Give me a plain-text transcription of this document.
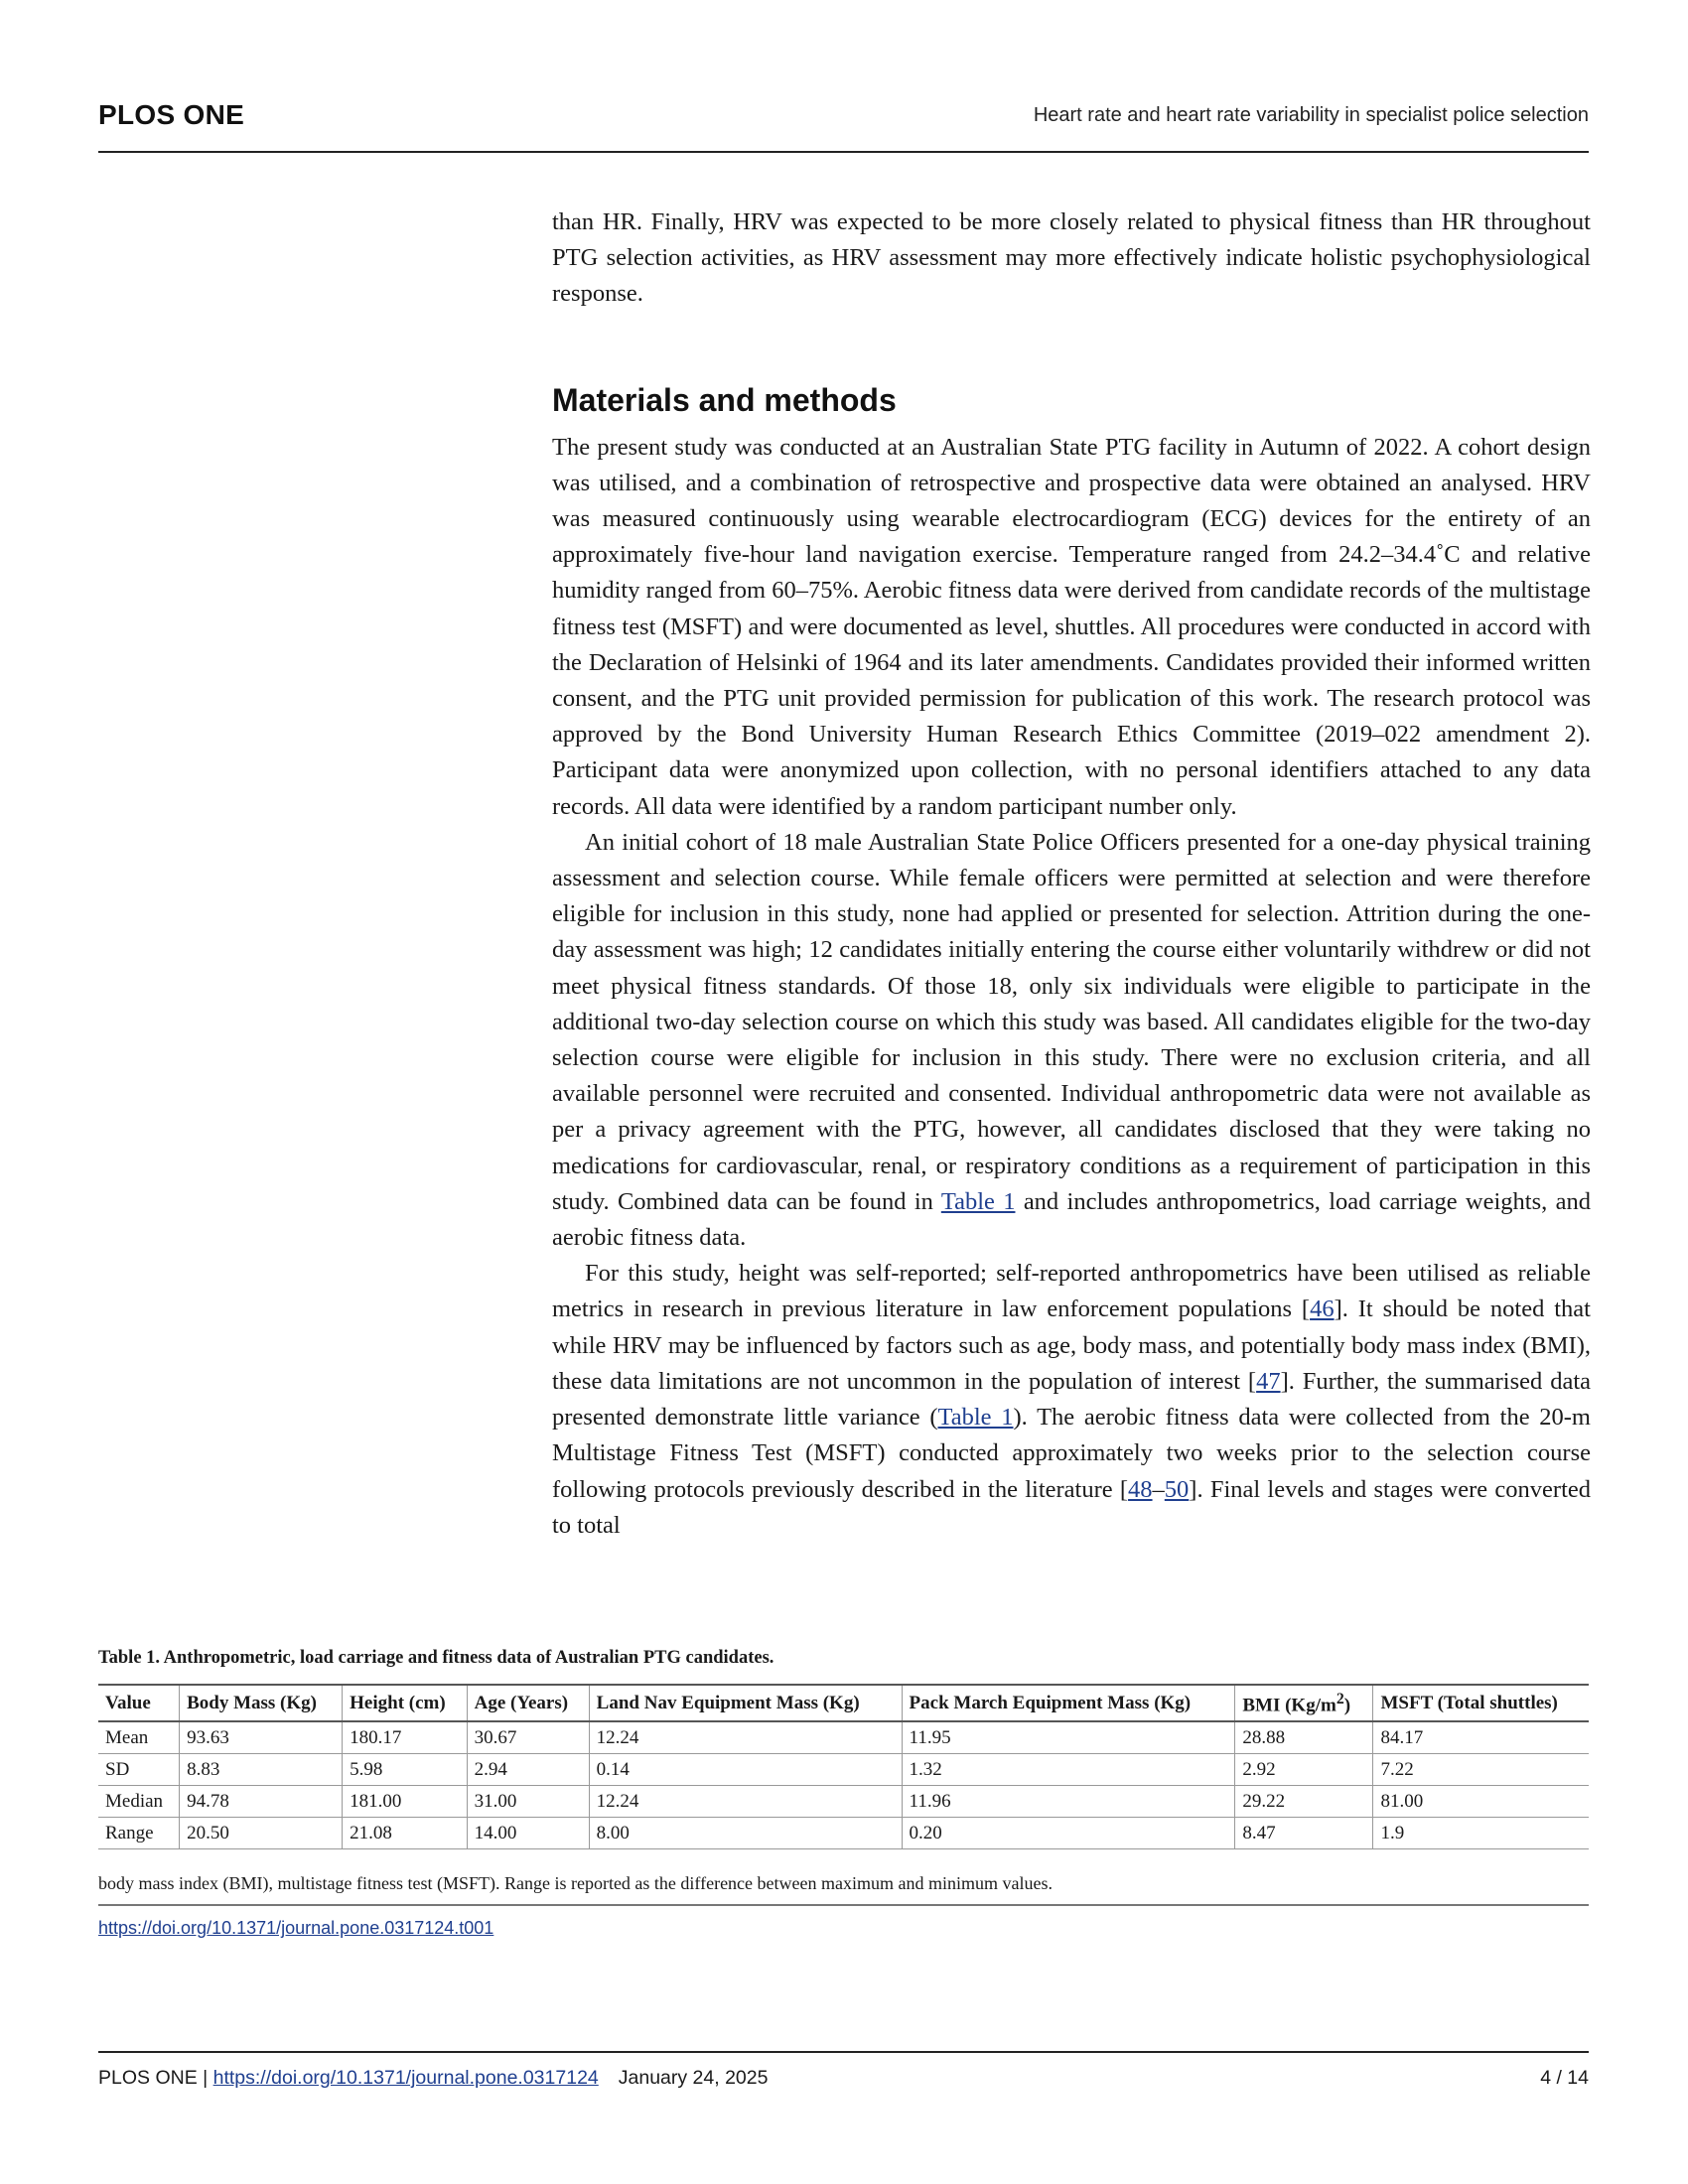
PLOS ONE	Heart rate and heart rate variability in specialist police selection

than HR. Finally, HRV was expected to be more closely related to physical fitness than HR throughout PTG selection activities, as HRV assessment may more effectively indicate holistic psychophysiological response.

Materials and methods

The present study was conducted at an Australian State PTG facility in Autumn of 2022. A cohort design was utilised, and a combination of retrospective and prospective data were obtained an analysed. HRV was measured continuously using wearable electrocardiogram (ECG) devices for the entirety of an approximately five-hour land navigation exercise. Temperature ranged from 24.2–34.4˚C and relative humidity ranged from 60–75%. Aerobic fitness data were derived from candidate records of the multistage fitness test (MSFT) and were documented as level, shuttles. All procedures were conducted in accord with the Declaration of Helsinki of 1964 and its later amendments. Candidates provided their informed written consent, and the PTG unit provided permission for publication of this work. The research protocol was approved by the Bond University Human Research Ethics Committee (2019–022 amendment 2). Participant data were anonymized upon collection, with no personal identifiers attached to any data records. All data were identified by a random participant number only.

An initial cohort of 18 male Australian State Police Officers presented for a one-day physical training assessment and selection course. While female officers were permitted at selection and were therefore eligible for inclusion in this study, none had applied or presented for selection. Attrition during the one-day assessment was high; 12 candidates initially entering the course either voluntarily withdrew or did not meet physical fitness standards. Of those 18, only six individuals were eligible to participate in the additional two-day selection course on which this study was based. All candidates eligible for the two-day selection course were eligible for inclusion in this study. There were no exclusion criteria, and all available personnel were recruited and consented. Individual anthropometric data were not available as per a privacy agreement with the PTG, however, all candidates disclosed that they were taking no medications for cardiovascular, renal, or respiratory conditions as a requirement of participation in this study. Combined data can be found in Table 1 and includes anthropometrics, load carriage weights, and aerobic fitness data.

For this study, height was self-reported; self-reported anthropometrics have been utilised as reliable metrics in research in previous literature in law enforcement populations [46]. It should be noted that while HRV may be influenced by factors such as age, body mass, and potentially body mass index (BMI), these data limitations are not uncommon in the population of interest [47]. Further, the summarised data presented demonstrate little variance (Table 1). The aerobic fitness data were collected from the 20-m Multistage Fitness Test (MSFT) conducted approximately two weeks prior to the selection course following protocols previously described in the literature [48–50]. Final levels and stages were converted to total

Table 1. Anthropometric, load carriage and fitness data of Australian PTG candidates.
Value	Body Mass (Kg)	Height (cm)	Age (Years)	Land Nav Equipment Mass (Kg)	Pack March Equipment Mass (Kg)	BMI $(Kg/m^2)$	MSFT (Total shuttles)
Mean	93.63	180.17	30.67	12.24	11.95	28.88	84.17
SD	8.83	5.98	2.94	0.14	1.32	2.92	7.22
Median	94.78	181.00	31.00	12.24	11.96	29.22	81.00
Range	20.50	21.08	14.00	8.00	0.20	8.47	1.9
body mass index (BMI), multistage fitness test (MSFT). Range is reported as the difference between maximum and minimum values.
https://doi.org/10.1371/journal.pone.0317124.t001
PLOS ONE | https://doi.org/10.1371/journal.pone.0317124 January 24, 2025	4 / 14
